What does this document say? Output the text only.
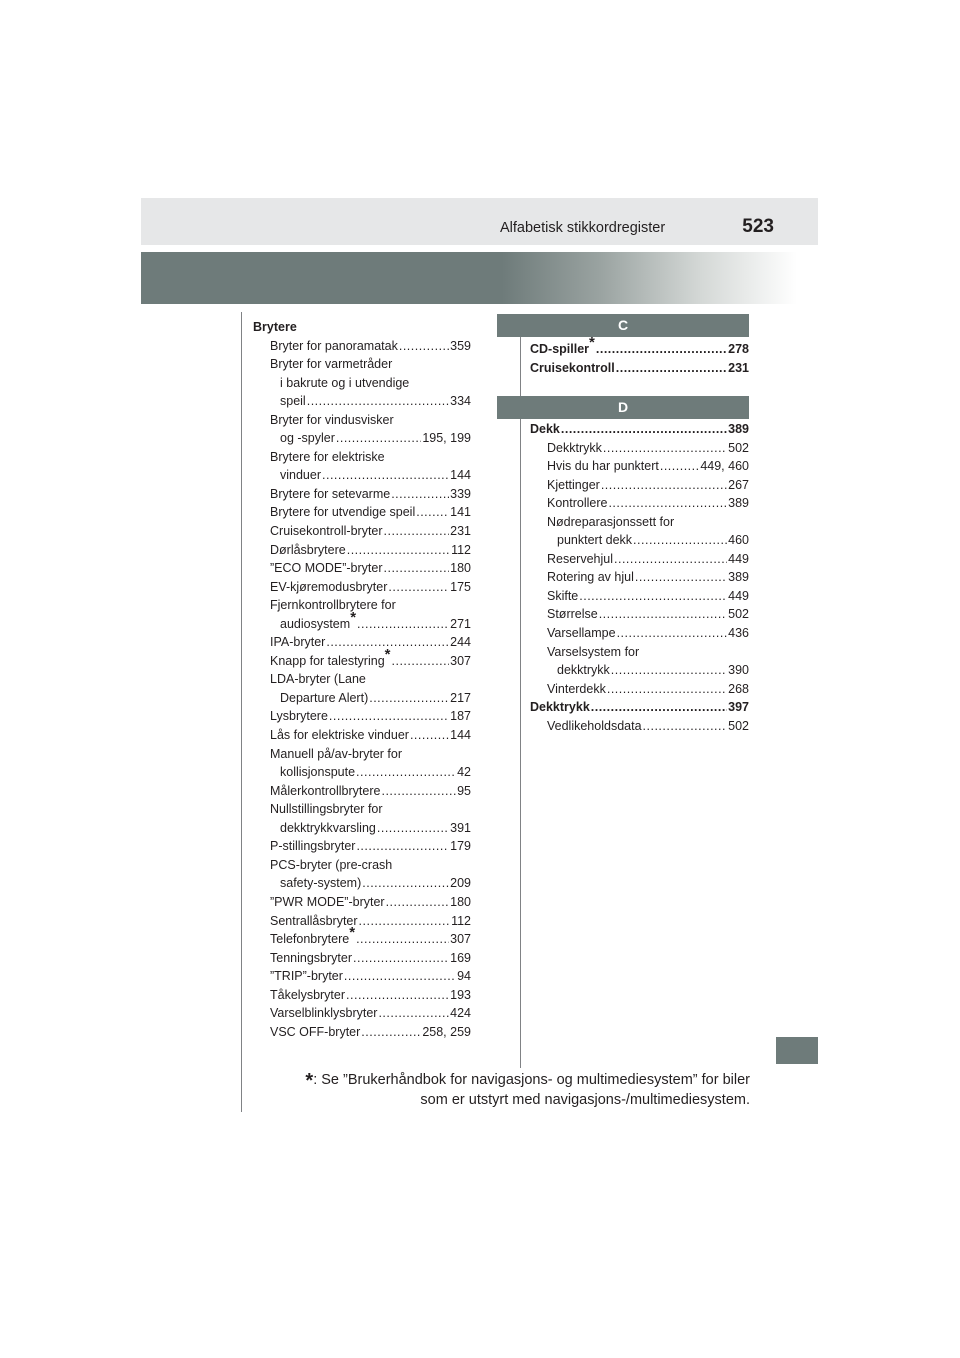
Alfabetisk stikkordregister	523
Brytere
Bryter for panoramatak .....	359
Bryter for varmetråder
i bakrute og i utvendige
speil .....	334
Bryter for vindusvisker
og -spyler .....	195, 199
Brytere for elektriske
vinduer .....	144
Brytere for setevarme .....	339
Brytere for utvendige speil .....	141
Cruisekontroll-bryter .....	231
Dørlåsbrytere .....	112
”ECO MODE”-bryter .....	180
EV-kjøremodusbryter .....	175
Fjernkontrollbrytere for
audiosystem* .....	271
IPA-bryter .....	244
Knapp for talestyring* .....	307
LDA-bryter (Lane
Departure Alert) .....	217
Lysbrytere .....	187
Lås for elektriske vinduer .....	144
Manuell på/av-bryter for
kollisjonspute .....	42
Målerkontrollbrytere .....	95
Nullstillingsbryter for
dekktrykkvarsling .....	391
P-stillingsbryter .....	179
PCS-bryter (pre-crash
safety-system) .....	209
”PWR MODE”-bryter .....	180
Sentrallåsbryter .....	112
Telefonbrytere* .....	307
Tenningsbryter .....	169
”TRIP”-bryter .....	94
Tåkelysbryter .....	193
Varselblinklysbryter .....	424
VSC OFF-bryter .....	258, 259
C
CD-spiller* .....	278
Cruisekontroll .....	231
D
Dekk .....	389
Dekktrykk .....	502
Hvis du har punktert .....	449, 460
Kjettinger .....	267
Kontrollere .....	389
Nødreparasjonssett for
punktert dekk .....	460
Reservehjul .....	449
Rotering av hjul .....	389
Skifte .....	449
Størrelse .....	502
Varsellampe .....	436
Varselsystem for
dekktrykk .....	390
Vinterdekk .....	268
Dekktrykk .....	397
Vedlikeholdsdata .....	502
*: Se ”Brukerhåndbok for navigasjons- og multimediesystem” for biler
som er utstyrt med navigasjons-/multimediesystem.
